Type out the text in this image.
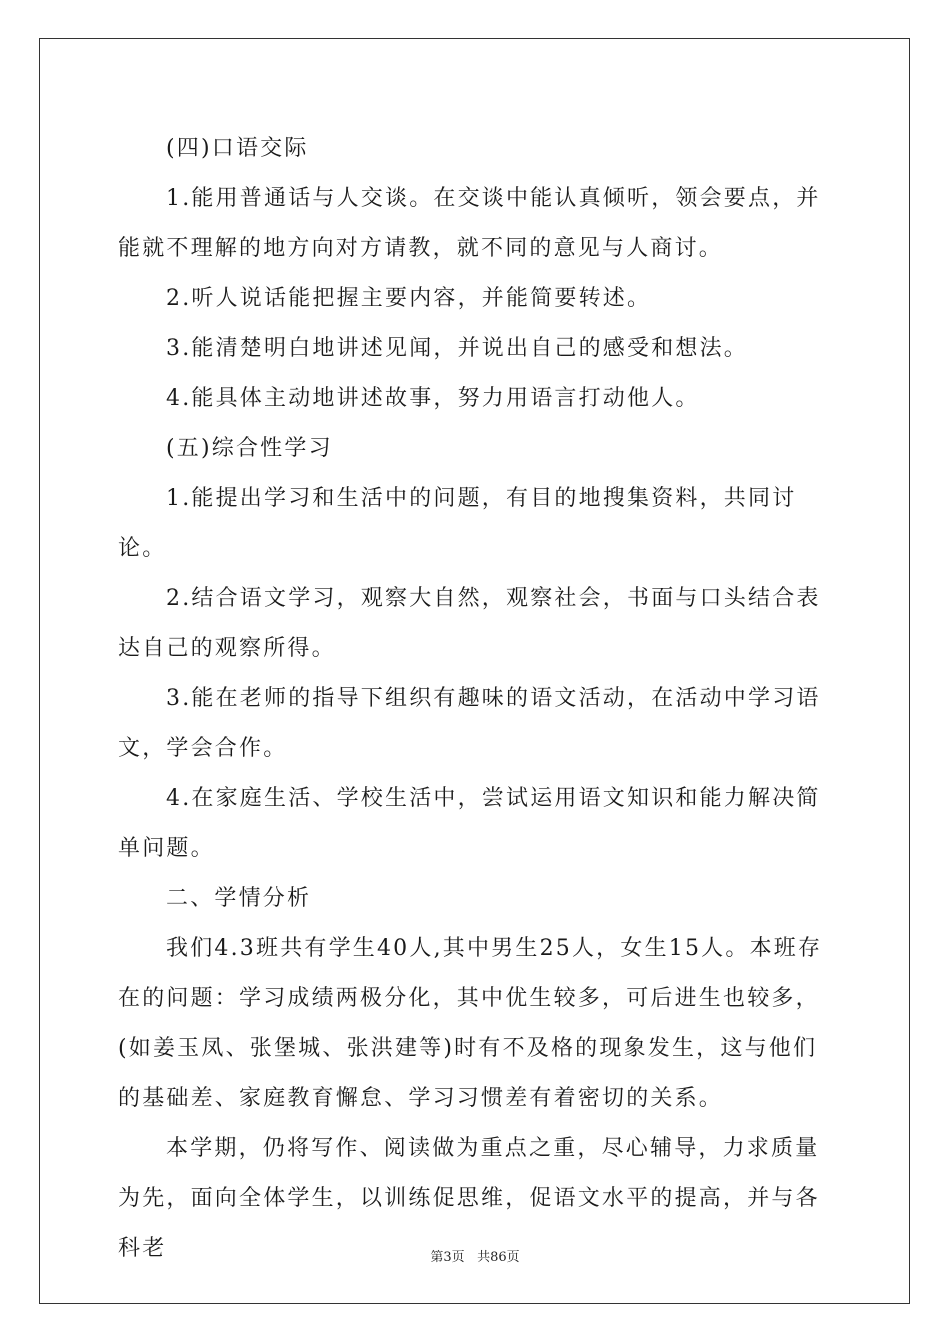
(四)口语交际

1.能用普通话与人交谈。在交谈中能认真倾听，领会要点，并能就不理解的地方向对方请教，就不同的意见与人商讨。

2.听人说话能把握主要内容，并能简要转述。

3.能清楚明白地讲述见闻，并说出自己的感受和想法。

4.能具体主动地讲述故事，努力用语言打动他人。

(五)综合性学习

1.能提出学习和生活中的问题，有目的地搜集资料，共同讨论。

2.结合语文学习，观察大自然，观察社会，书面与口头结合表达自己的观察所得。

3.能在老师的指导下组织有趣味的语文活动，在活动中学习语文，学会合作。

4.在家庭生活、学校生活中，尝试运用语文知识和能力解决简单问题。

二、学情分析

我们4.3班共有学生40人,其中男生25人，女生15人。本班存在的问题：学习成绩两极分化，其中优生较多，可后进生也较多，(如姜玉凤、张堡城、张洪建等)时有不及格的现象发生，这与他们的基础差、家庭教育懈怠、学习习惯差有着密切的关系。

本学期，仍将写作、阅读做为重点之重，尽心辅导，力求质量为先，面向全体学生，以训练促思维，促语文水平的提高，并与各科老	第3页 共86页
